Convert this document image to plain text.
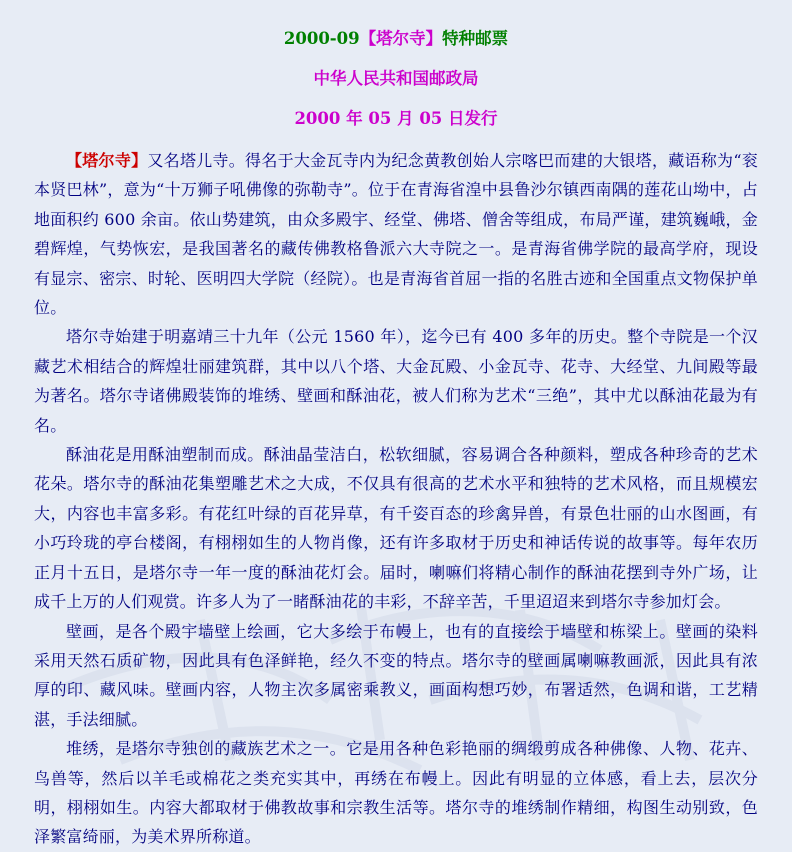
2000-09【塔尔寺】特种邮票
中华人民共和国邮政局
2000 年 05 月 05 日发行

【塔尔寺】又名塔儿寺。得名于大金瓦寺内为纪念黄教创始人宗喀巴而建的大银塔，藏语称为“衮本贤巴林”，意为“十万狮子吼佛像的弥勒寺”。位于在青海省湟中县鲁沙尔镇西南隅的莲花山坳中，占地面积约 600 余亩。依山势建筑，由众多殿宇、经堂、佛塔、僧舍等组成，布局严谨，建筑巍峨，金碧辉煌，气势恢宏，是我国著名的藏传佛教格鲁派六大寺院之一。是青海省佛学院的最高学府，现设有显宗、密宗、时轮、医明四大学院（经院）。也是青海省首屈一指的名胜古迹和全国重点文物保护单位。

塔尔寺始建于明嘉靖三十九年（公元 1560 年），迄今已有 400 多年的历史。整个寺院是一个汉藏艺术相结合的辉煌壮丽建筑群，其中以八个塔、大金瓦殿、小金瓦寺、花寺、大经堂、九间殿等最为著名。塔尔寺诸佛殿装饰的堆绣、壁画和酥油花，被人们称为艺术“三绝”，其中尤以酥油花最为有名。

酥油花是用酥油塑制而成。酥油晶莹洁白，松软细腻，容易调合各种颜料，塑成各种珍奇的艺术花朵。塔尔寺的酥油花集塑雕艺术之大成，不仅具有很高的艺术水平和独特的艺术风格，而且规模宏大，内容也丰富多彩。有花红叶绿的百花异草，有千姿百态的珍禽异兽，有景色壮丽的山水图画，有小巧玲珑的亭台楼阁，有栩栩如生的人物肖像，还有许多取材于历史和神话传说的故事等。每年农历正月十五日，是塔尔寺一年一度的酥油花灯会。届时，喇嘛们将精心制作的酥油花摆到寺外广场，让成千上万的人们观赏。许多人为了一睹酥油花的丰彩，不辞辛苦，千里迢迢来到塔尔寺参加灯会。

壁画，是各个殿宇墙壁上绘画，它大多绘于布幔上，也有的直接绘于墙壁和栋梁上。壁画的染料采用天然石质矿物，因此具有色泽鲜艳，经久不变的特点。塔尔寺的壁画属喇嘛教画派，因此具有浓厚的印、藏风味。壁画内容，人物主次多属密乘教义，画面构想巧妙，布署适然，色调和谐，工艺精湛，手法细腻。

堆绣，是塔尔寺独创的藏族艺术之一。它是用各种色彩艳丽的绸缎剪成各种佛像、人物、花卉、鸟兽等，然后以羊毛或棉花之类充实其中，再绣在布幔上。因此有明显的立体感，看上去，层次分明，栩栩如生。内容大都取材于佛教故事和宗教生活等。塔尔寺的堆绣制作精细，构图生动别致，色泽繁富绮丽，为美术界所称道。
